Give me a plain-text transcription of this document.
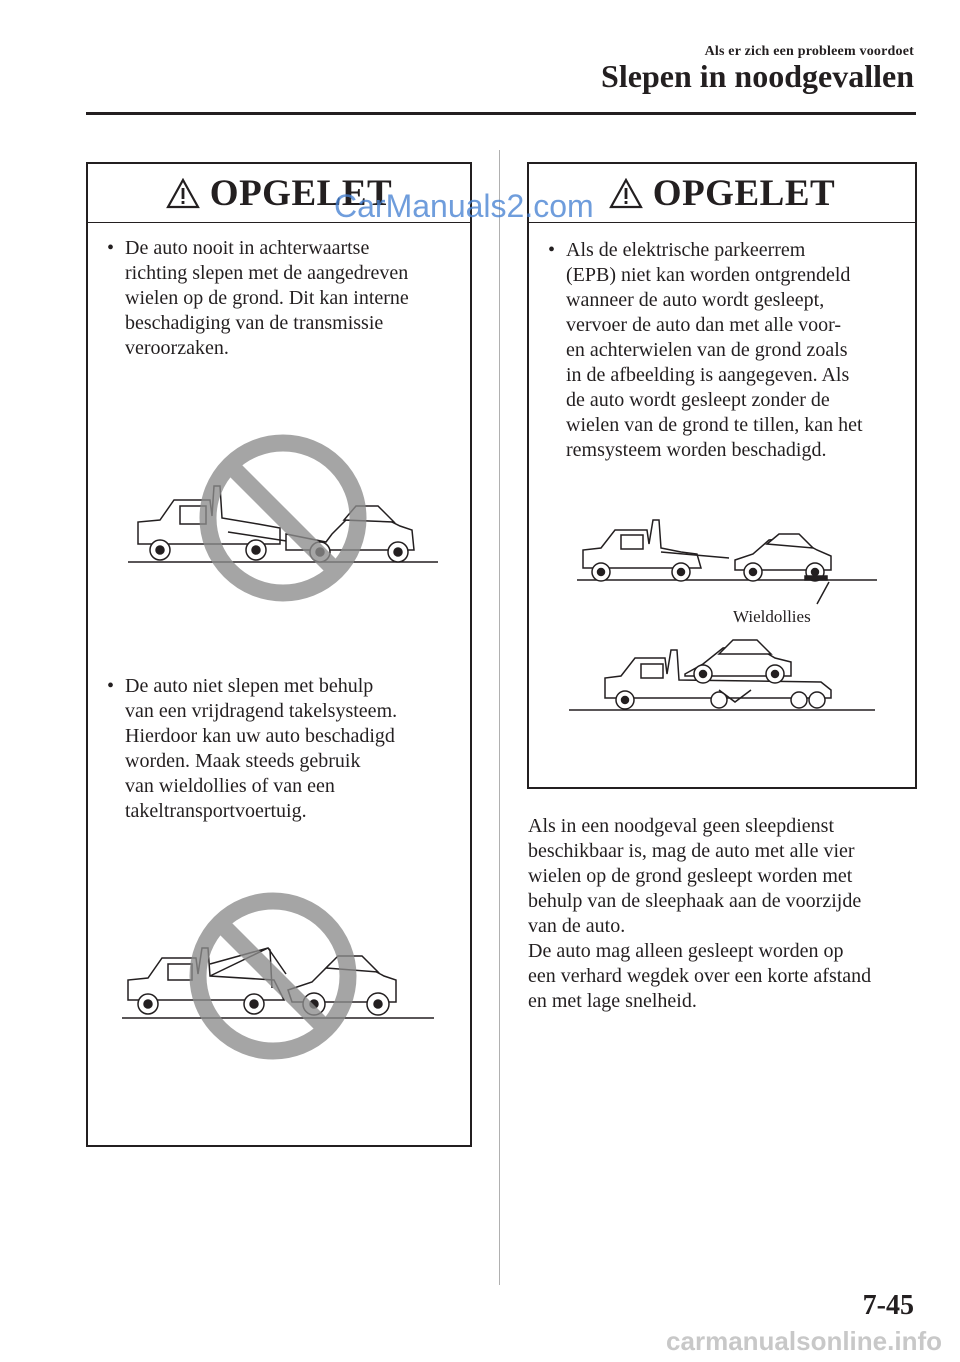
Als er zich een probleem voordoet
Slepen in noodgevallen
OPGELET
• De auto nooit in achterwaartse
richting slepen met de aangedreven
wielen op de grond. Dit kan interne
beschadiging van de transmissie
veroorzaken.
• De auto niet slepen met behulp
van een vrijdragend takelsysteem.
Hierdoor kan uw auto beschadigd
worden. Maak steeds gebruik
van wieldollies of van een
takeltransportvoertuig.
OPGELET
• Als de elektrische parkeerrem
(EPB) niet kan worden ontgrendeld
wanneer de auto wordt gesleept,
vervoer de auto dan met alle voor-
en achterwielen van de grond zoals
in de afbeelding is aangegeven. Als
de auto wordt gesleept zonder de
wielen van de grond te tillen, kan het
remsysteem worden beschadigd.
Wieldollies
Als in een noodgeval geen sleepdienst
beschikbaar is, mag de auto met alle vier
wielen op de grond gesleept worden met
behulp van de sleephaak aan de voorzijde
van de auto.
De auto mag alleen gesleept worden op
een verhard wegdek over een korte afstand
en met lage snelheid.
7-45
CarManuals2.com
carmanualsonline.info
